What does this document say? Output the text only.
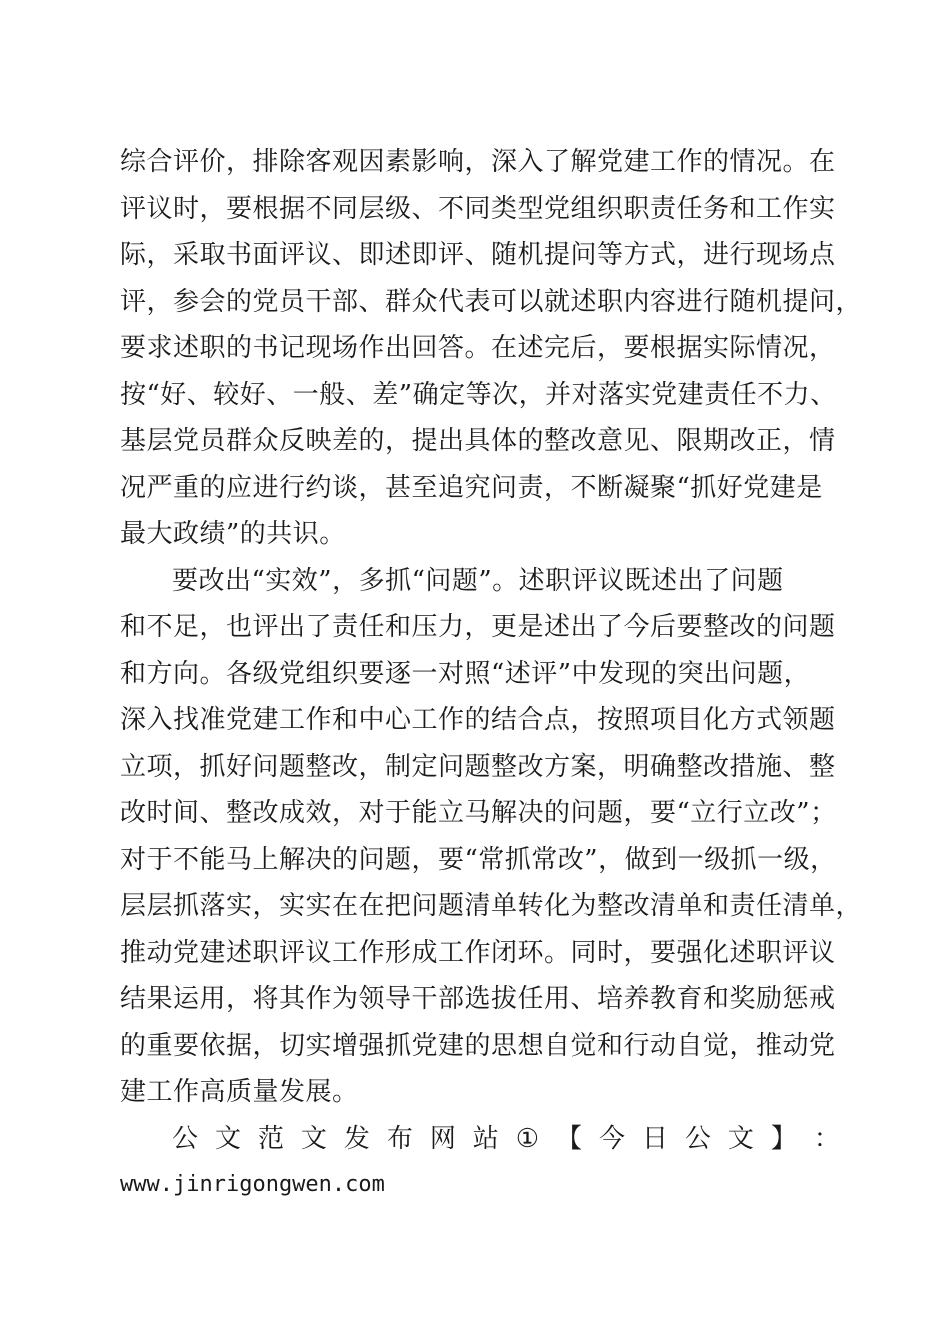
综合评价，排除客观因素影响，深入了解党建工作的情况。在
评议时，要根据不同层级、不同类型党组织职责任务和工作实
际，采取书面评议、即述即评、随机提问等方式，进行现场点
评，参会的党员干部、群众代表可以就述职内容进行随机提问，
要求述职的书记现场作出回答。在述完后，要根据实际情况，
按“好、较好、一般、差”确定等次，并对落实党建责任不力、
基层党员群众反映差的，提出具体的整改意见、限期改正，情
况严重的应进行约谈，甚至追究问责，不断凝聚“抓好党建是
最大政绩”的共识。
要改出“实效”，多抓“问题”。述职评议既述出了问题
和不足，也评出了责任和压力，更是述出了今后要整改的问题
和方向。各级党组织要逐一对照“述评”中发现的突出问题，
深入找准党建工作和中心工作的结合点，按照项目化方式领题
立项，抓好问题整改，制定问题整改方案，明确整改措施、整
改时间、整改成效，对于能立马解决的问题，要“立行立改”；
对于不能马上解决的问题，要“常抓常改”，做到一级抓一级，
层层抓落实，实实在在把问题清单转化为整改清单和责任清单，
推动党建述职评议工作形成工作闭环。同时，要强化述职评议
结果运用，将其作为领导干部选拔任用、培养教育和奖励惩戒
的重要依据，切实增强抓党建的思想自觉和行动自觉，推动党
建工作高质量发展。
公 文 范 文 发 布 网 站 ① 【 今 日 公 文 】 ：
www.jinrigongwen.com
